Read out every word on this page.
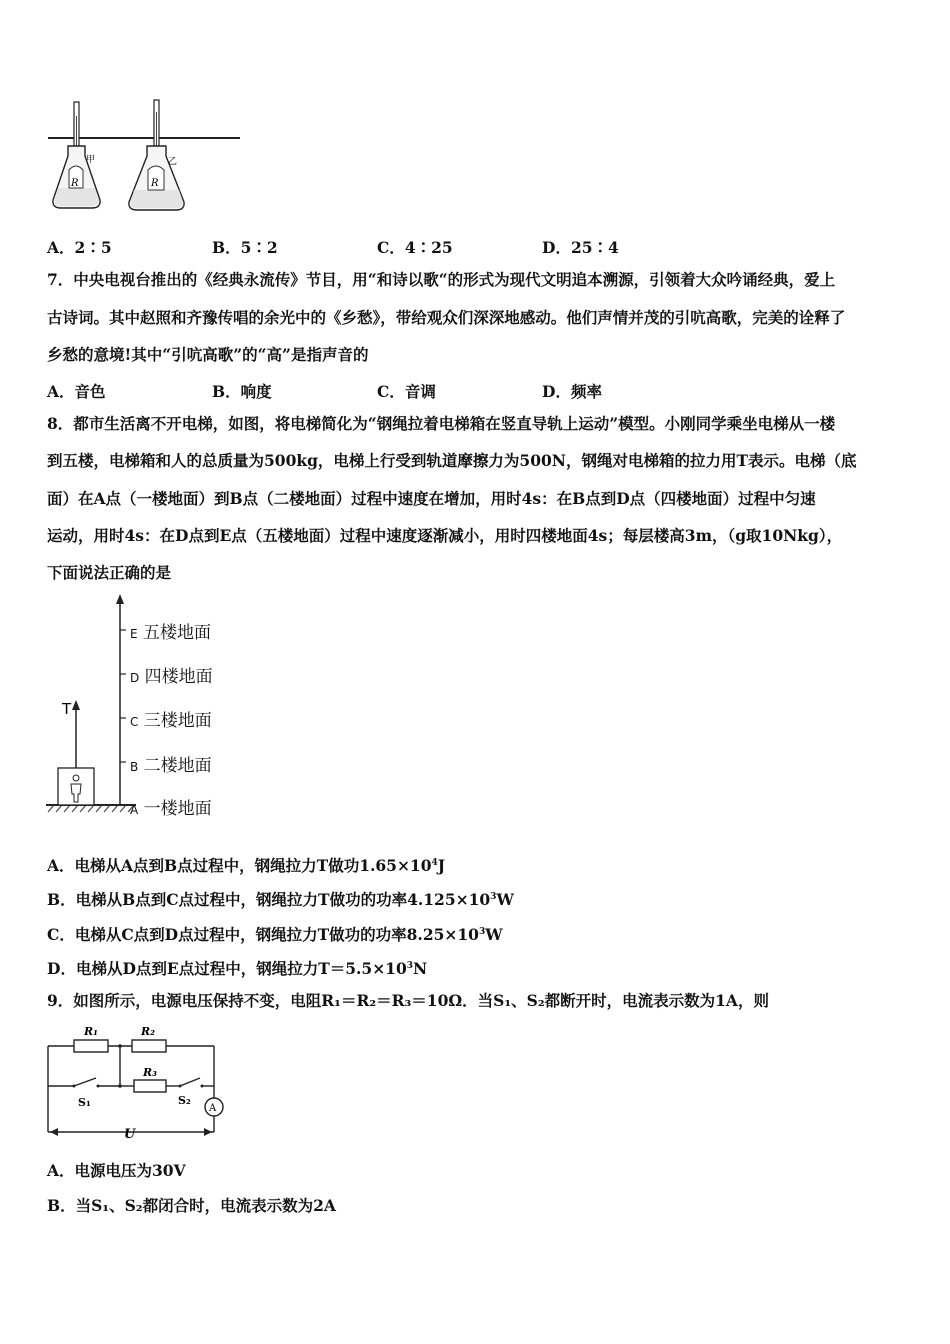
R
甲
R
乙
A．2∶5	B．5∶2	C．4∶25	D．25∶4
7．中央电视台推出的《经典永流传》节目，用“和诗以歌“的形式为现代文明追本溯源，引领着大众吟诵经典，爱上
古诗词。其中赵照和齐豫传唱的余光中的《乡愁》，带给观众们深深地感动。他们声情并茂的引吭高歌，完美的诠释了
乡愁的意境!其中“引吭高歌”的“高”是指声音的
A．音色	B．响度	C．音调	D．频率
8．都市生活离不开电梯，如图，将电梯简化为“钢绳拉着电梯箱在竖直导轨上运动”模型。小刚同学乘坐电梯从一楼
到五楼，电梯箱和人的总质量为500kg，电梯上行受到轨道摩擦力为500N，钢绳对电梯箱的拉力用T表示。电梯（底
面）在A点（一楼地面）到B点（二楼地面）过程中速度在增加，用时4s：在B点到D点（四楼地面）过程中匀速
运动，用时4s：在D点到E点（五楼地面）过程中速度逐渐减小，用时四楼地面4s；每层楼高3m，（g取10Nkg），
下面说法正确的是
T
E 五楼地面
D 四楼地面
C 三楼地面
B 二楼地面
A 一楼地面
A．电梯从A点到B点过程中，钢绳拉力T做功$1.65\times 10^4J$
B．电梯从B点到C点过程中，钢绳拉力T做功的功率$4.125\times 10^3W$
C．电梯从C点到D点过程中，钢绳拉力T做功的功率$8.25\times 10^3W$
D．电梯从D点到E点过程中，钢绳拉力$T=5.5\times 10^3N$
9．如图所示，电源电压保持不变，电阻R₁＝R₂＝R₃＝10Ω．当S₁、S₂都断开时，电流表示数为1A，则
R₁	R₂
R₃
S₁	S₂
A
U
A．电源电压为30V
B．当S₁、S₂都闭合时，电流表示数为2A
